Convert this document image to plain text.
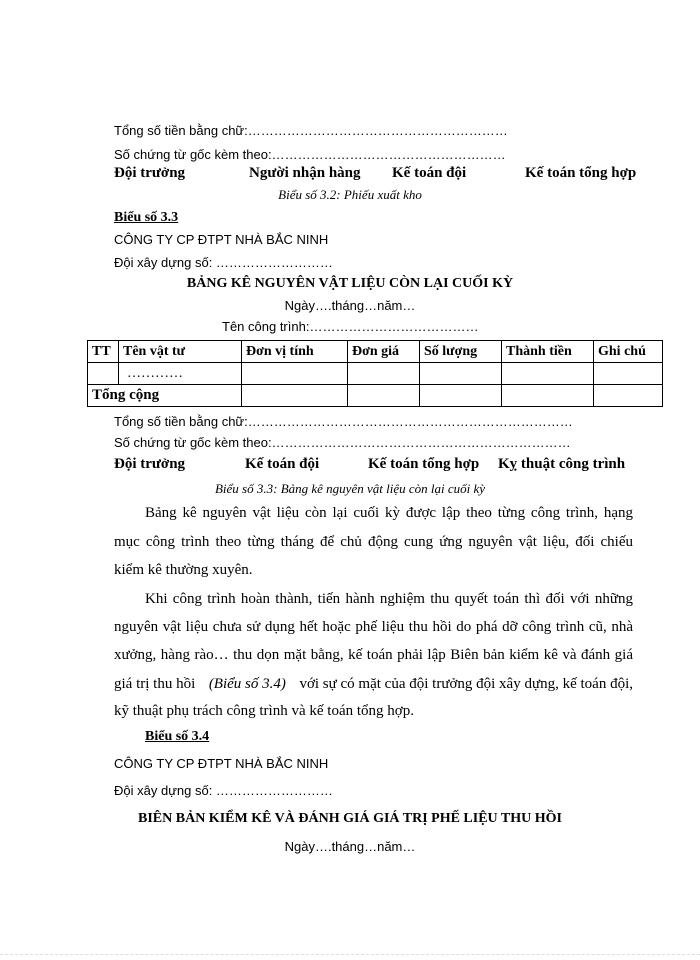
Tổng số tiền bằng chữ:……………………………………………………
Số chứng từ gốc kèm theo:………………………………………………
Đội trưởng	Người nhận hàng Kế toán đội	Kế toán tổng hợp
Biểu số 3.2: Phiếu xuất kho
Biểu số 3.3
CÔNG TY CP ĐTPT NHÀ BẮC NINH
Đội xây dựng số: ………………………
BẢNG KÊ NGUYÊN VẬT LIỆU CÒN LẠI CUỐI KỲ
Ngày….tháng…năm…
Tên công trình:…………………………………
TT	Tên vật tư	Đơn vị tính	Đơn giá	Số lượng	Thành tiền	Ghi chú
	…………					
Tổng cộng						
Tổng số tiền bằng chữ:…………………………………………………………………
Số chứng từ gốc kèm theo:……………………………………………………………
Đội trưởng	Kế toán đội	Kế toán tổng hợp Kỵ thuật công trình
Biểu số 3.3: Bảng kê nguyên vật liệu còn lại cuối kỳ
Bảng kê nguyên vật liệu còn lại cuối kỳ được lập theo từng công trình, hạng
mục công trình theo từng tháng để chủ động cung ứng nguyên vật liệu, đối chiếu
kiểm kê thường xuyên.
Khi công trình hoàn thành, tiến hành nghiệm thu quyết toán thì đối với những
nguyên vật liệu chưa sử dụng hết hoặc phế liệu thu hồi do phá dỡ công trình cũ, nhà
xưởng, hàng rào… thu dọn mặt bằng, kế toán phải lập Biên bản kiểm kê và đánh giá
giá trị thu hồi (Biểu số 3.4) với sự có mặt của đội trưởng đội xây dựng, kế toán đội,
kỹ thuật phụ trách công trình và kế toán tổng hợp.
Biểu số 3.4
CÔNG TY CP ĐTPT NHÀ BẮC NINH
Đội xây dựng số: ………………………
BIÊN BẢN KIỂM KÊ VÀ ĐÁNH GIÁ GIÁ TRỊ PHẾ LIỆU THU HỒI
Ngày….tháng…năm…
